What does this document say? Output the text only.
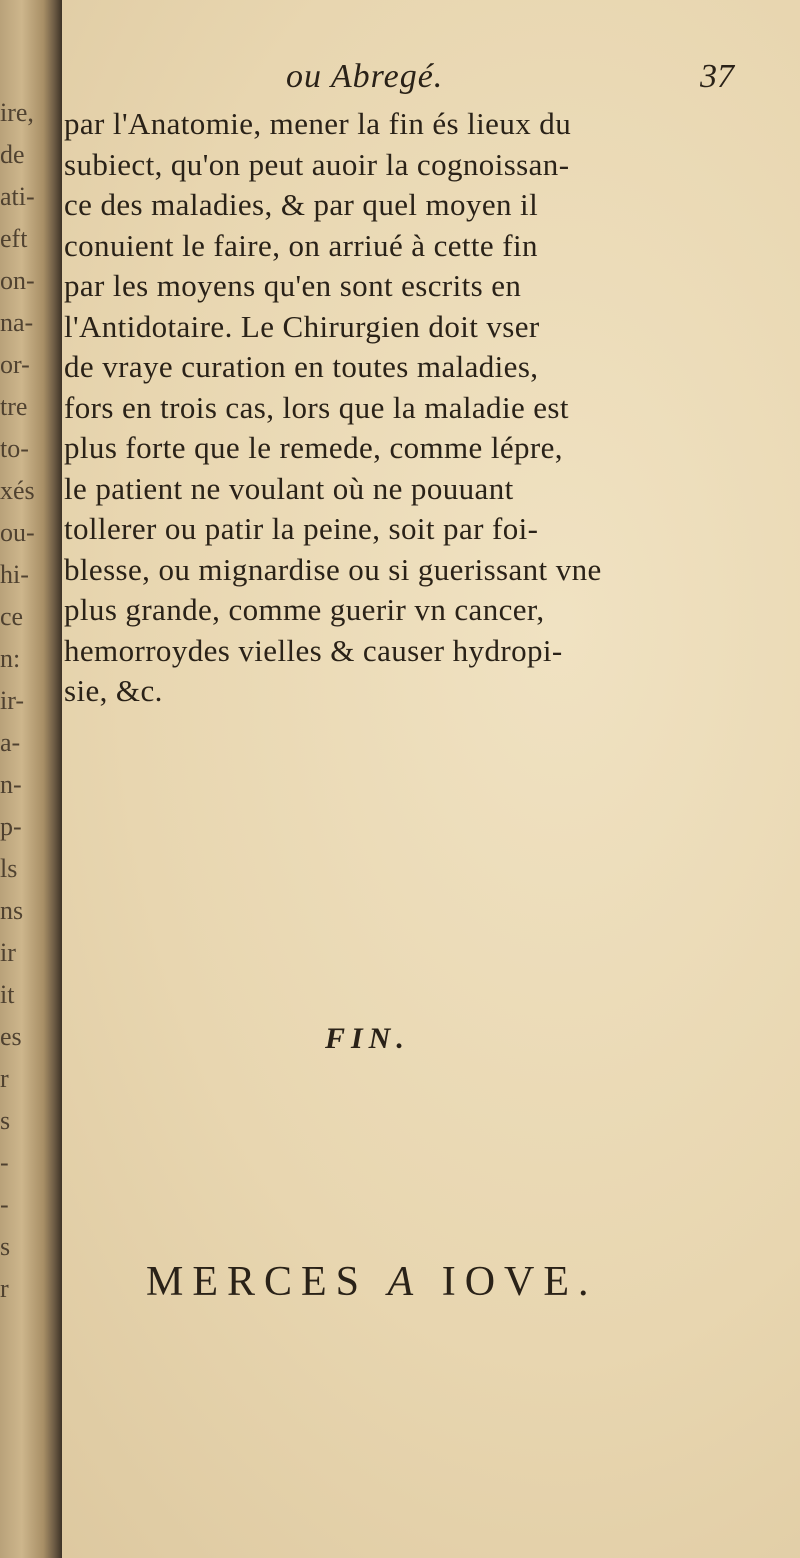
ire,
de
ati-
eft
on-
na-
or-
tre
to-
xés
ou-
hi-
ce
n:
ir-
a-
n-
p-
ls
ns
ir
it
es
r
s
-
-
s
r
ou Abregé.	37
par l'Anatomie, mener la fin és lieux du
subiect, qu'on peut auoir la cognoissan-
ce des maladies, & par quel moyen il
conuient le faire, on arriué à cette fin
par les moyens qu'en sont escrits en
l'Antidotaire. Le Chirurgien doit vser
de vraye curation en toutes maladies,
fors en trois cas, lors que la maladie est
plus forte que le remede, comme lépre,
le patient ne voulant où ne pouuant
tollerer ou patir la peine, soit par foi-
blesse, ou mignardise ou si guerissant vne
plus grande, comme guerir vn cancer,
hemorroydes vielles & causer hydropi-
sie, &c.
FIN.
MERCES A IOVE.
